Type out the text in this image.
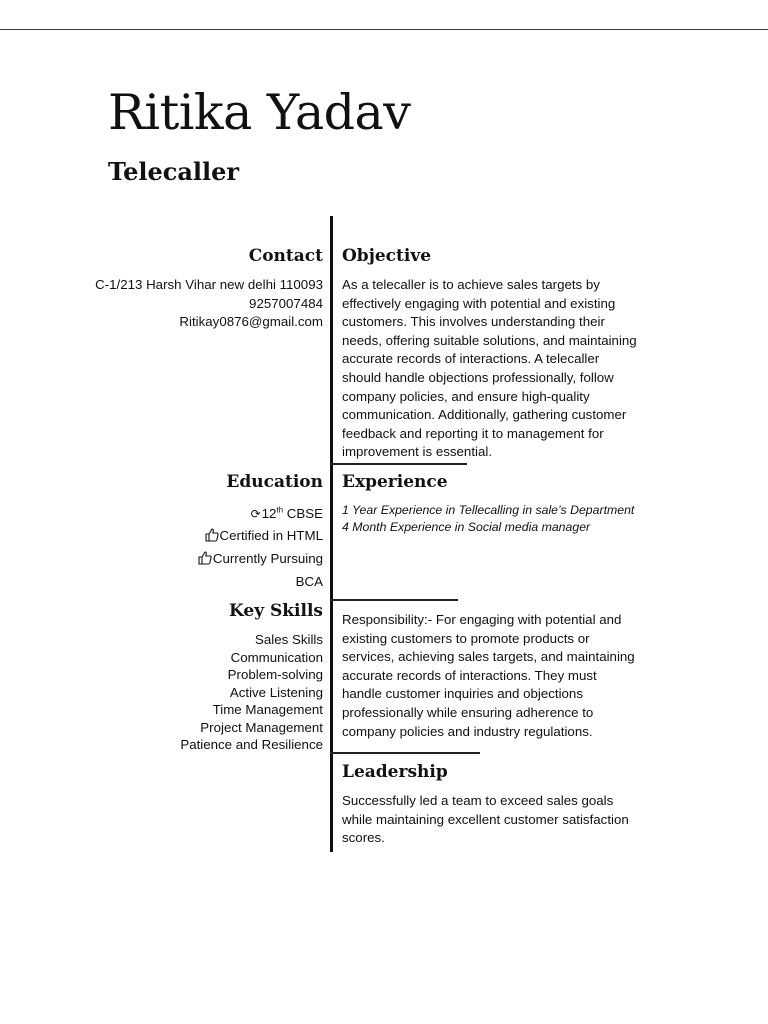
Ritika Yadav
Telecaller
Contact
C-1/213 Harsh Vihar new delhi 110093
9257007484
Ritikay0876@gmail.com
Objective
As a telecaller is to achieve sales targets by
effectively engaging with potential and existing
customers. This involves understanding their
needs, offering suitable solutions, and maintaining
accurate records of interactions. A telecaller
should handle objections professionally, follow
company policies, and ensure high-quality
communication. Additionally, gathering customer
feedback and reporting it to management for
improvement is essential.
Education
⟳12th CBSE
Certified in HTML
Currently Pursuing
BCA
Experience
1 Year Experience in Tellecalling in sale’s Department
4 Month Experience in Social media manager
Key Skills
Sales Skills
Communication
Problem-solving
Active Listening
Time Management
Project Management
Patience and Resilience
Responsibility:- For engaging with potential and
existing customers to promote products or
services, achieving sales targets, and maintaining
accurate records of interactions. They must
handle customer inquiries and objections
professionally while ensuring adherence to
company policies and industry regulations.
Leadership
Successfully led a team to exceed sales goals
while maintaining excellent customer satisfaction
scores.
